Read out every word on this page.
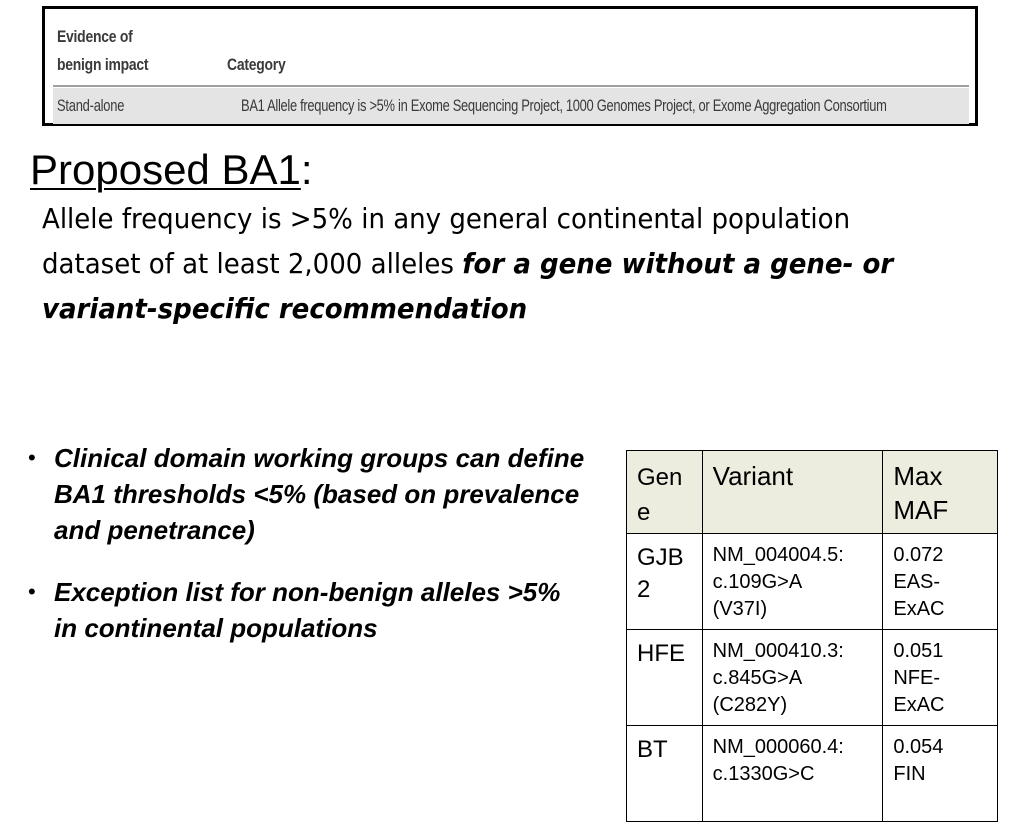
Evidence of benign impact	Category
Stand-alone	BA1 Allele frequency is >5% in Exome Sequencing Project, 1000 Genomes Project, or Exome Aggregation Consortium
Proposed BA1:
Allele frequency is >5% in any general continental population dataset of at least 2,000 alleles for a gene without a gene- or variant-specific recommendation
• Clinical domain working groups can define BA1 thresholds <5% (based on prevalence and penetrance)
• Exception list for non-benign alleles >5% in continental populations
Gene	Variant	Max MAF

GJB2	NM_004004.5:
c.109G>A
(V37I)	0.072
EAS-
ExAC

HFE	NM_000410.3:
c.845G>A
(C282Y)	0.051
NFE-
ExAC

BT	NM_000060.4:
c.1330G>C	0.054
FIN
